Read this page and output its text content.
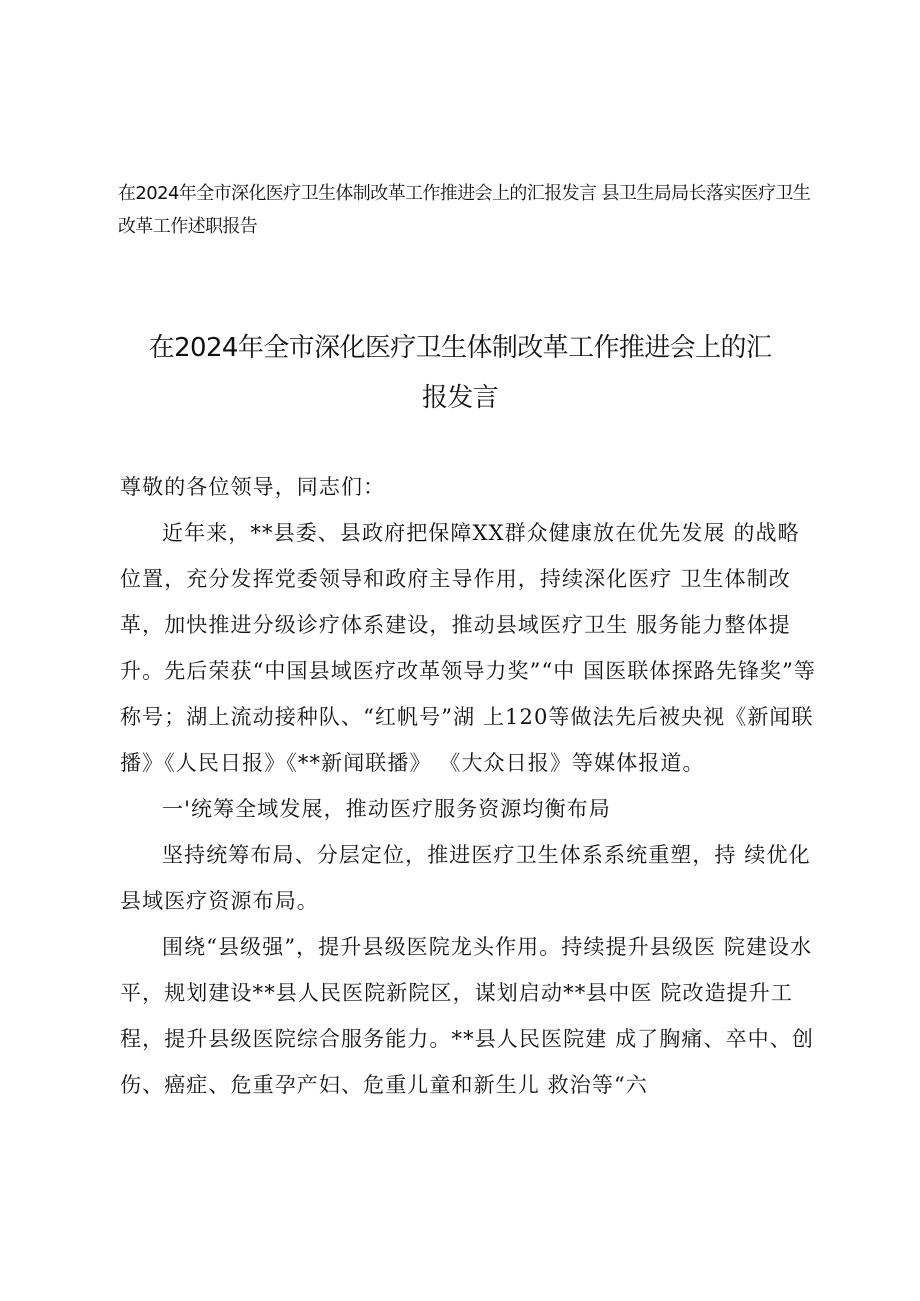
在2024年全市深化医疗卫生体制改革工作推进会上的汇报发言 县卫生局局长落实医疗卫生改革工作述职报告
在2024年全市深化医疗卫生体制改革工作推进会上的汇
报发言

尊敬的各位领导，同志们：

近年来，**县委、县政府把保障XX群众健康放在优先发展 的战略位置，充分发挥党委领导和政府主导作用，持续深化医疗 卫生体制改革，加快推进分级诊疗体系建设，推动县域医疗卫生 服务能力整体提升。先后荣获“中国县域医疗改革领导力奖”“中 国医联体探路先锋奖”等称号；湖上流动接种队、“红帆号”湖 上120等做法先后被央视《新闻联播》《人民日报》《**新闻联播》 《大众日报》等媒体报道。

一'统筹全域发展，推动医疗服务资源均衡布局

坚持统筹布局、分层定位，推进医疗卫生体系系统重塑，持 续优化县域医疗资源布局。

围绕“县级强”，提升县级医院龙头作用。持续提升县级医 院建设水平，规划建设**县人民医院新院区，谋划启动**县中医 院改造提升工程，提升县级医院综合服务能力。**县人民医院建 成了胸痛、卒中、创伤、癌症、危重孕产妇、危重儿童和新生儿 救治等“六
